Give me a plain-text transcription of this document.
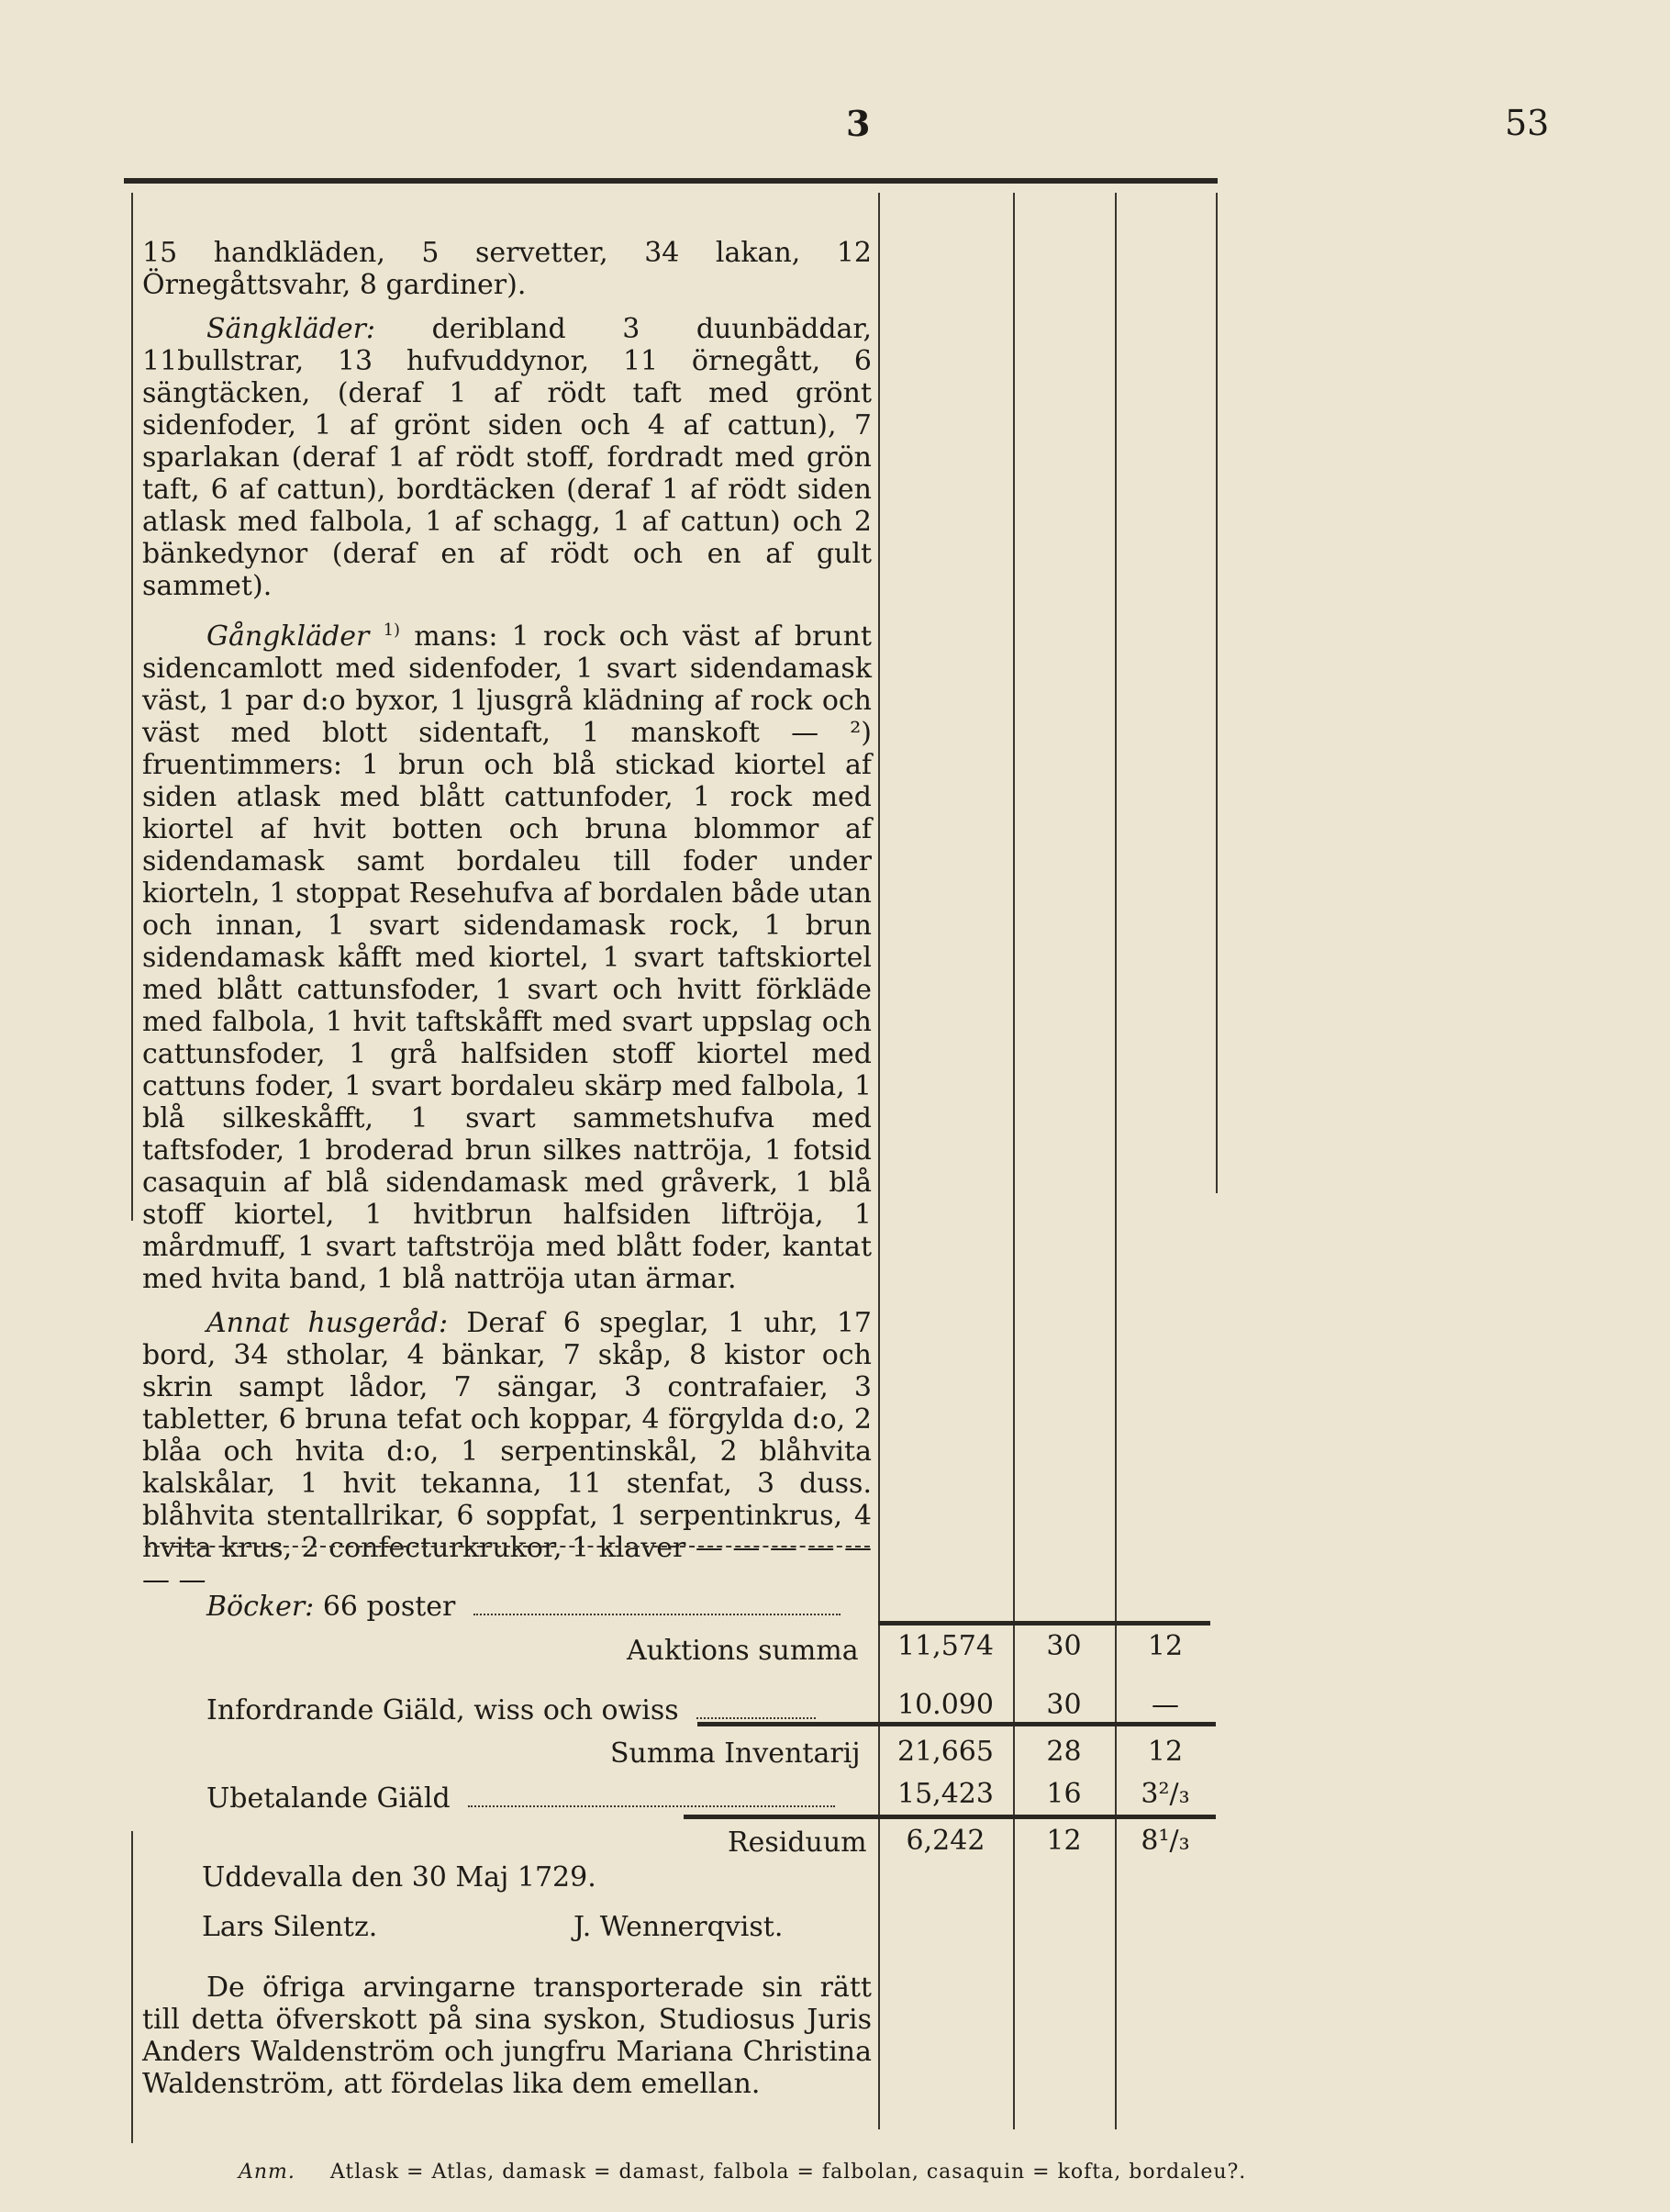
3	53

15 handkläden, 5 servetter, 34 lakan, 12 Örnegåttsvahr, 8 gardiner).

Sängkläder: deribland 3 duunbäddar, 11bullstrar, 13 hufvuddynor, 11 örnegått, 6 sängtäcken, (deraf 1 af rödt taft med grönt sidenfoder, 1 af grönt siden och 4 af cattun), 7 sparlakan (deraf 1 af rödt stoff, fordradt med grön taft, 6 af cattun), bordtäcken (deraf 1 af rödt siden atlask med falbola, 1 af schagg, 1 af cattun) och 2 bänkedynor (deraf en af rödt och en af gult sammet).

Gångkläder $^{1)}$ mans: 1 rock och väst af brunt sidencamlott med sidenfoder, 1 svart sidendamask väst, 1 par d:o byxor, 1 ljusgrå klädning af rock och väst med blott sidentaft, 1 manskoft — ²) fruentimmers: 1 brun och blå stickad kiortel af siden atlask med blått cattunfoder, 1 rock med kiortel af hvit botten och bruna blommor af sidendamask samt bordaleu till foder under kiorteln, 1 stoppat Resehufva af bordalen både utan och innan, 1 svart sidendamask rock, 1 brun sidendamask kåfft med kiortel, 1 svart taftskiortel med blått cattunsfoder, 1 svart och hvitt förkläde med falbola, 1 hvit taftskåfft med svart uppslag och cattunsfoder, 1 grå halfsiden stoff kiortel med cattuns foder, 1 svart bordaleu skärp med falbola, 1 blå silkeskåfft, 1 svart sammetshufva med taftsfoder, 1 broderad brun silkes nattröja, 1 fotsid casaquin af blå sidendamask med gråverk, 1 blå stoff kiortel, 1 hvitbrun halfsiden liftröja, 1 mårdmuff, 1 svart taftströja med blått foder, kantat med hvita band, 1 blå nattröja utan ärmar.

Annat husgeråd: Deraf 6 speglar, 1 uhr, 17 bord, 34 stholar, 4 bänkar, 7 skåp, 8 kistor och skrin sampt lådor, 7 sängar, 3 contrafaier, 3 tabletter, 6 bruna tefat och koppar, 4 förgylda d:o, 2 blåa och hvita d:o, 1 serpentinskål, 2 blåhvita kalskålar, 1 hvit tekanna, 11 stenfat, 3 duss. blåhvita stentallrikar, 6 soppfat, 1 serpentinkrus, 4 hvita krus, 2 confecturkrukor, 1 klaver — — — — — — —

Böcker: 66 poster
Auktions summa	11,574	30	12
Infordrande Giäld, wiss och owiss	10.090	30	—
Summa Inventarij	21,665	28	12
Ubetalande Giäld	15,423	16	3²/₃
Residuum	6,242	12	8¹/₃
Uddevalla den 30 Maj 1729.
Lars Silentz.	J. Wennerqvist.
De öfriga arvingarne transporterade sin rätt till detta öfverskott på sina syskon, Studiosus Juris Anders Waldenström och jungfru Mariana Christina Waldenström, att fördelas lika dem emellan.
Anm. Atlask = Atlas, damask = damast, falbola = falbolan, casaquin = kofta, bordaleu?.
